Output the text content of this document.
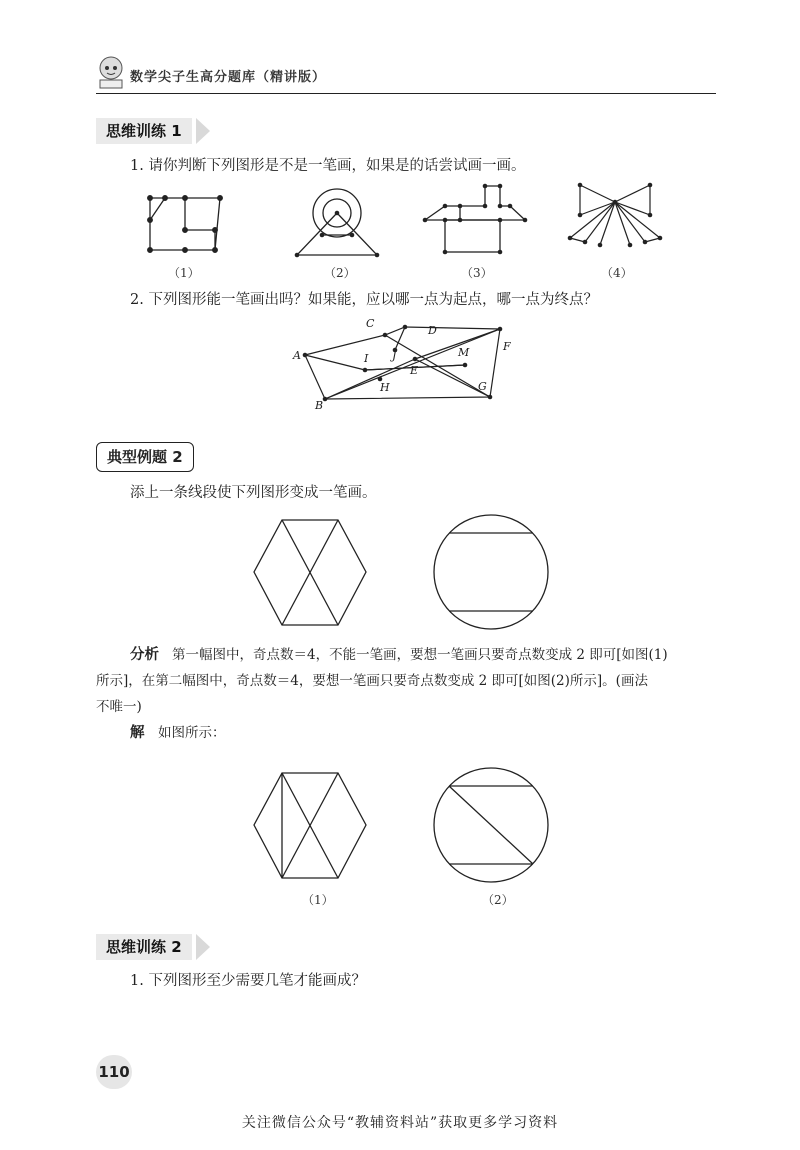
数学尖子生高分题库（精讲版）
思维训练 1
1. 请你判断下列图形是不是一笔画，如果是的话尝试画一画。
（1）	（2）	（3）	（4）
2. 下列图形能一笔画出吗？如果能，应以哪一点为起点，哪一点为终点？
A
B
C
D
E
F
G
H
I J	M
典型例题 2
添上一条线段使下列图形变成一笔画。
分析 第一幅图中，奇点数＝4，不能一笔画，要想一笔画只要奇点数变成 2 即可[如图(1)
所示]，在第二幅图中，奇点数＝4，要想一笔画只要奇点数变成 2 即可[如图(2)所示]。(画法
不唯一)
解 如图所示：
（1）	（2）
思维训练 2
1. 下列图形至少需要几笔才能画成？
110
关注微信公众号“教辅资料站”获取更多学习资料
